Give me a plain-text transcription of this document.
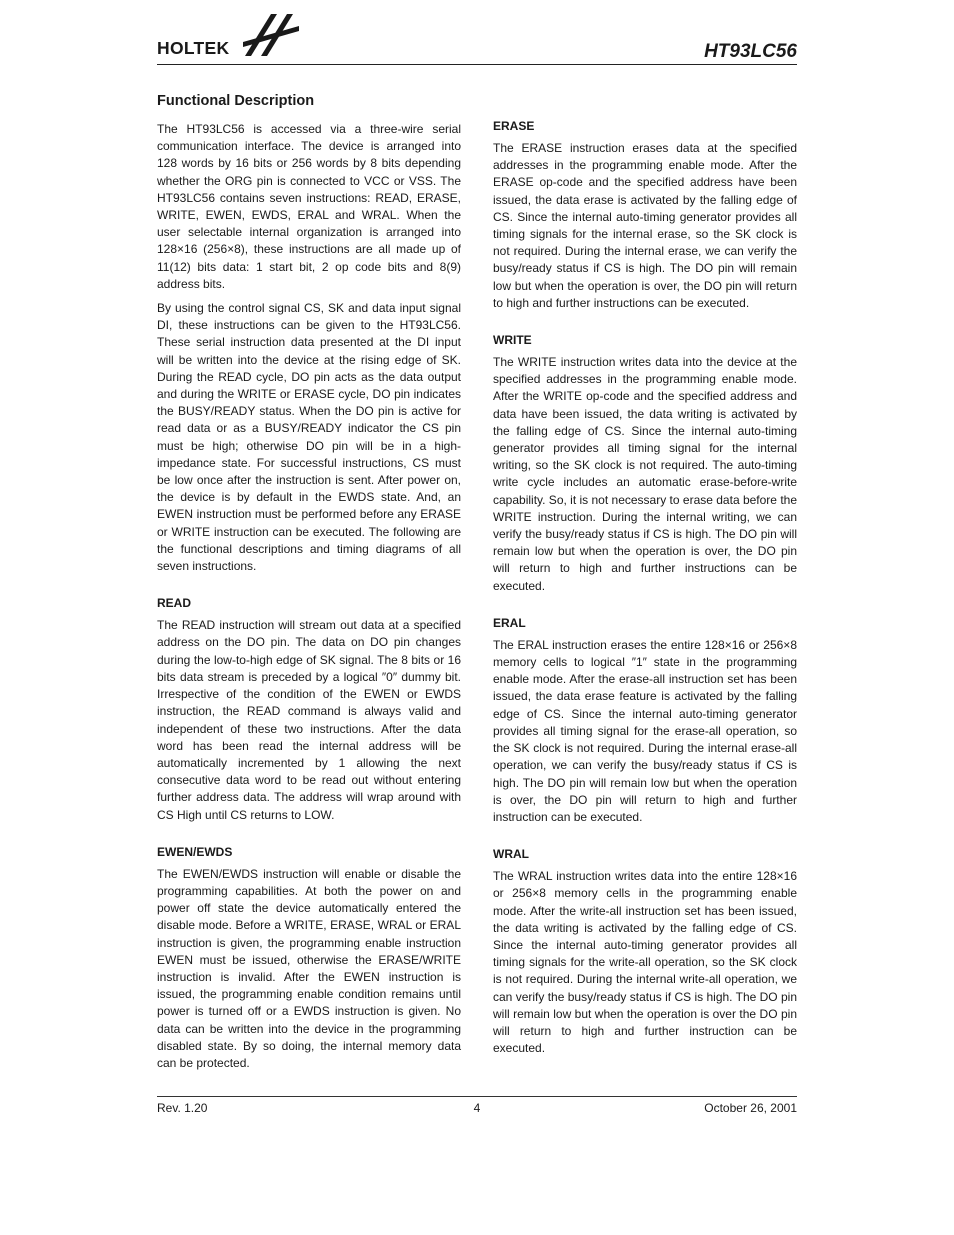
HOLTEK	HT93LC56
Functional Description

The HT93LC56 is accessed via a three-wire serial communication interface. The device is arranged into 128 words by 16 bits or 256 words by 8 bits depending whether the ORG pin is connected to VCC or VSS. The HT93LC56 contains seven instructions: READ, ERASE, WRITE, EWEN, EWDS, ERAL and WRAL. When the user selectable internal organization is arranged into 128×16 (256×8), these instructions are all made up of 11(12) bits data: 1 start bit, 2 op code bits and 8(9) address bits.

By using the control signal CS, SK and data input signal DI, these instructions can be given to the HT93LC56. These serial instruction data presented at the DI input will be written into the device at the rising edge of SK. During the READ cycle, DO pin acts as the data output and during the WRITE or ERASE cycle, DO pin indicates the BUSY/READY status. When the DO pin is active for read data or as a BUSY/READY indicator the CS pin must be high; otherwise DO pin will be in a high-impedance state. For successful instructions, CS must be low once after the instruction is sent. After power on, the device is by default in the EWDS state. And, an EWEN instruction must be performed before any ERASE or WRITE instruction can be executed. The following are the functional descriptions and timing diagrams of all seven instructions.

READ

The READ instruction will stream out data at a specified address on the DO pin. The data on DO pin changes during the low-to-high edge of SK signal. The 8 bits or 16 bits data stream is preceded by a logical ″0″ dummy bit. Irrespective of the condition of the EWEN or EWDS instruction, the READ command is always valid and independent of these two instructions. After the data word has been read the internal address will be automatically incremented by 1 allowing the next consecutive data word to be read out without entering further address data. The address will wrap around with CS High until CS returns to LOW.

EWEN/EWDS

The EWEN/EWDS instruction will enable or disable the programming capabilities. At both the power on and power off state the device automatically entered the disable mode. Before a WRITE, ERASE, WRAL or ERAL instruction is given, the programming enable instruction EWEN must be issued, otherwise the ERASE/WRITE instruction is invalid. After the EWEN instruction is issued, the programming enable condition remains until power is turned off or a EWDS instruction is given. No data can be written into the device in the programming disabled state. By so doing, the internal memory data can be protected.

ERASE

The ERASE instruction erases data at the specified addresses in the programming enable mode. After the ERASE op-code and the specified address have been issued, the data erase is activated by the falling edge of CS. Since the internal auto-timing generator provides all timing signals for the internal erase, so the SK clock is not required. During the internal erase, we can verify the busy/ready status if CS is high. The DO pin will remain low but when the operation is over, the DO pin will return to high and further instructions can be executed.

WRITE

The WRITE instruction writes data into the device at the specified addresses in the programming enable mode. After the WRITE op-code and the specified address and data have been issued, the data writing is activated by the falling edge of CS. Since the internal auto-timing generator provides all timing signal for the internal writing, so the SK clock is not required. The auto-timing write cycle includes an automatic erase-before-write capability. So, it is not necessary to erase data before the WRITE instruction. During the internal writing, we can verify the busy/ready status if CS is high. The DO pin will remain low but when the operation is over, the DO pin will return to high and further instructions can be executed.

ERAL

The ERAL instruction erases the entire 128×16 or 256×8 memory cells to logical ″1″ state in the programming enable mode. After the erase-all instruction set has been issued, the data erase feature is activated by the falling edge of CS. Since the internal auto-timing generator provides all timing signal for the erase-all operation, so the SK clock is not required. During the internal erase-all operation, we can verify the busy/ready status if CS is high. The DO pin will remain low but when the operation is over, the DO pin will return to high and further instruction can be executed.

WRAL

The WRAL instruction writes data into the entire 128×16 or 256×8 memory cells in the programming enable mode. After the write-all instruction set has been issued, the data writing is activated by the falling edge of CS. Since the internal auto-timing generator provides all timing signals for the write-all operation, so the SK clock is not required. During the internal write-all operation, we can verify the busy/ready status if CS is high. The DO pin will remain low but when the operation is over the DO pin will return to high and further instruction can be executed.

Rev. 1.20	4	October 26, 2001
